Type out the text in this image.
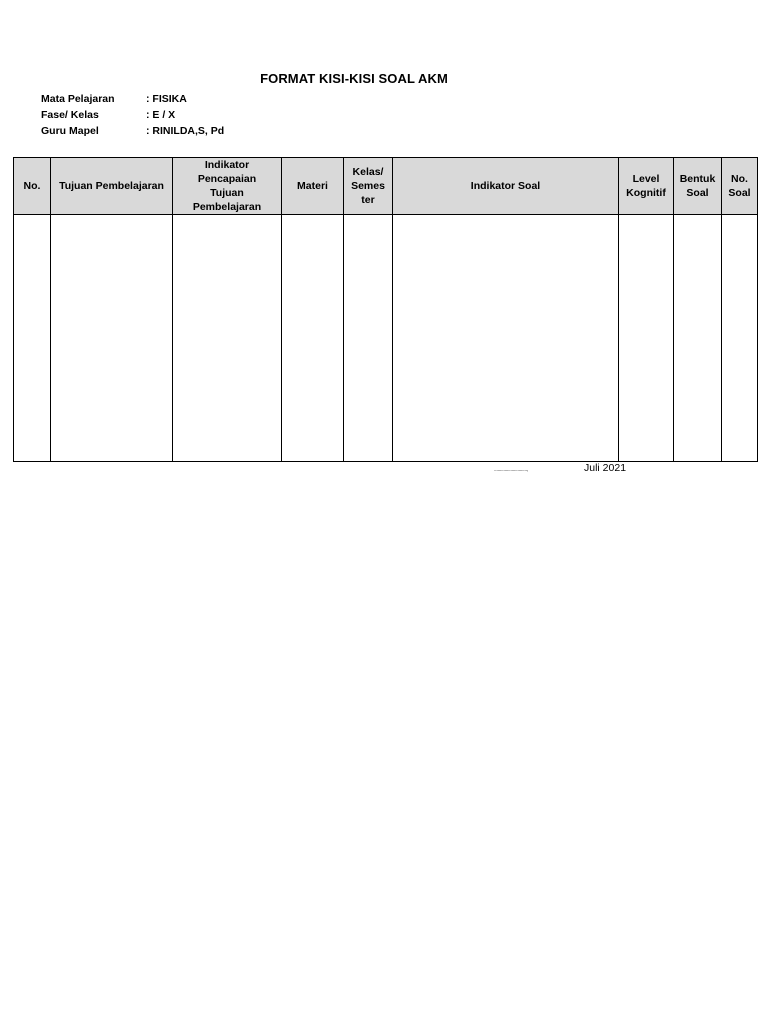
FORMAT KISI-KISI SOAL AKM
Mata Pelajaran	: FISIKA
Fase/ Kelas	: E / X
Guru Mapel	: RINILDA,S, Pd
No.	Tujuan Pembelajaran	Indikator
Pencapaian
Tujuan
Pembelajaran	Materi	Kelas/
Semes
ter	Indikator Soal	Level
Kognitif	Bentuk
Soal	No.
Soal

............................,	Juli 2021
